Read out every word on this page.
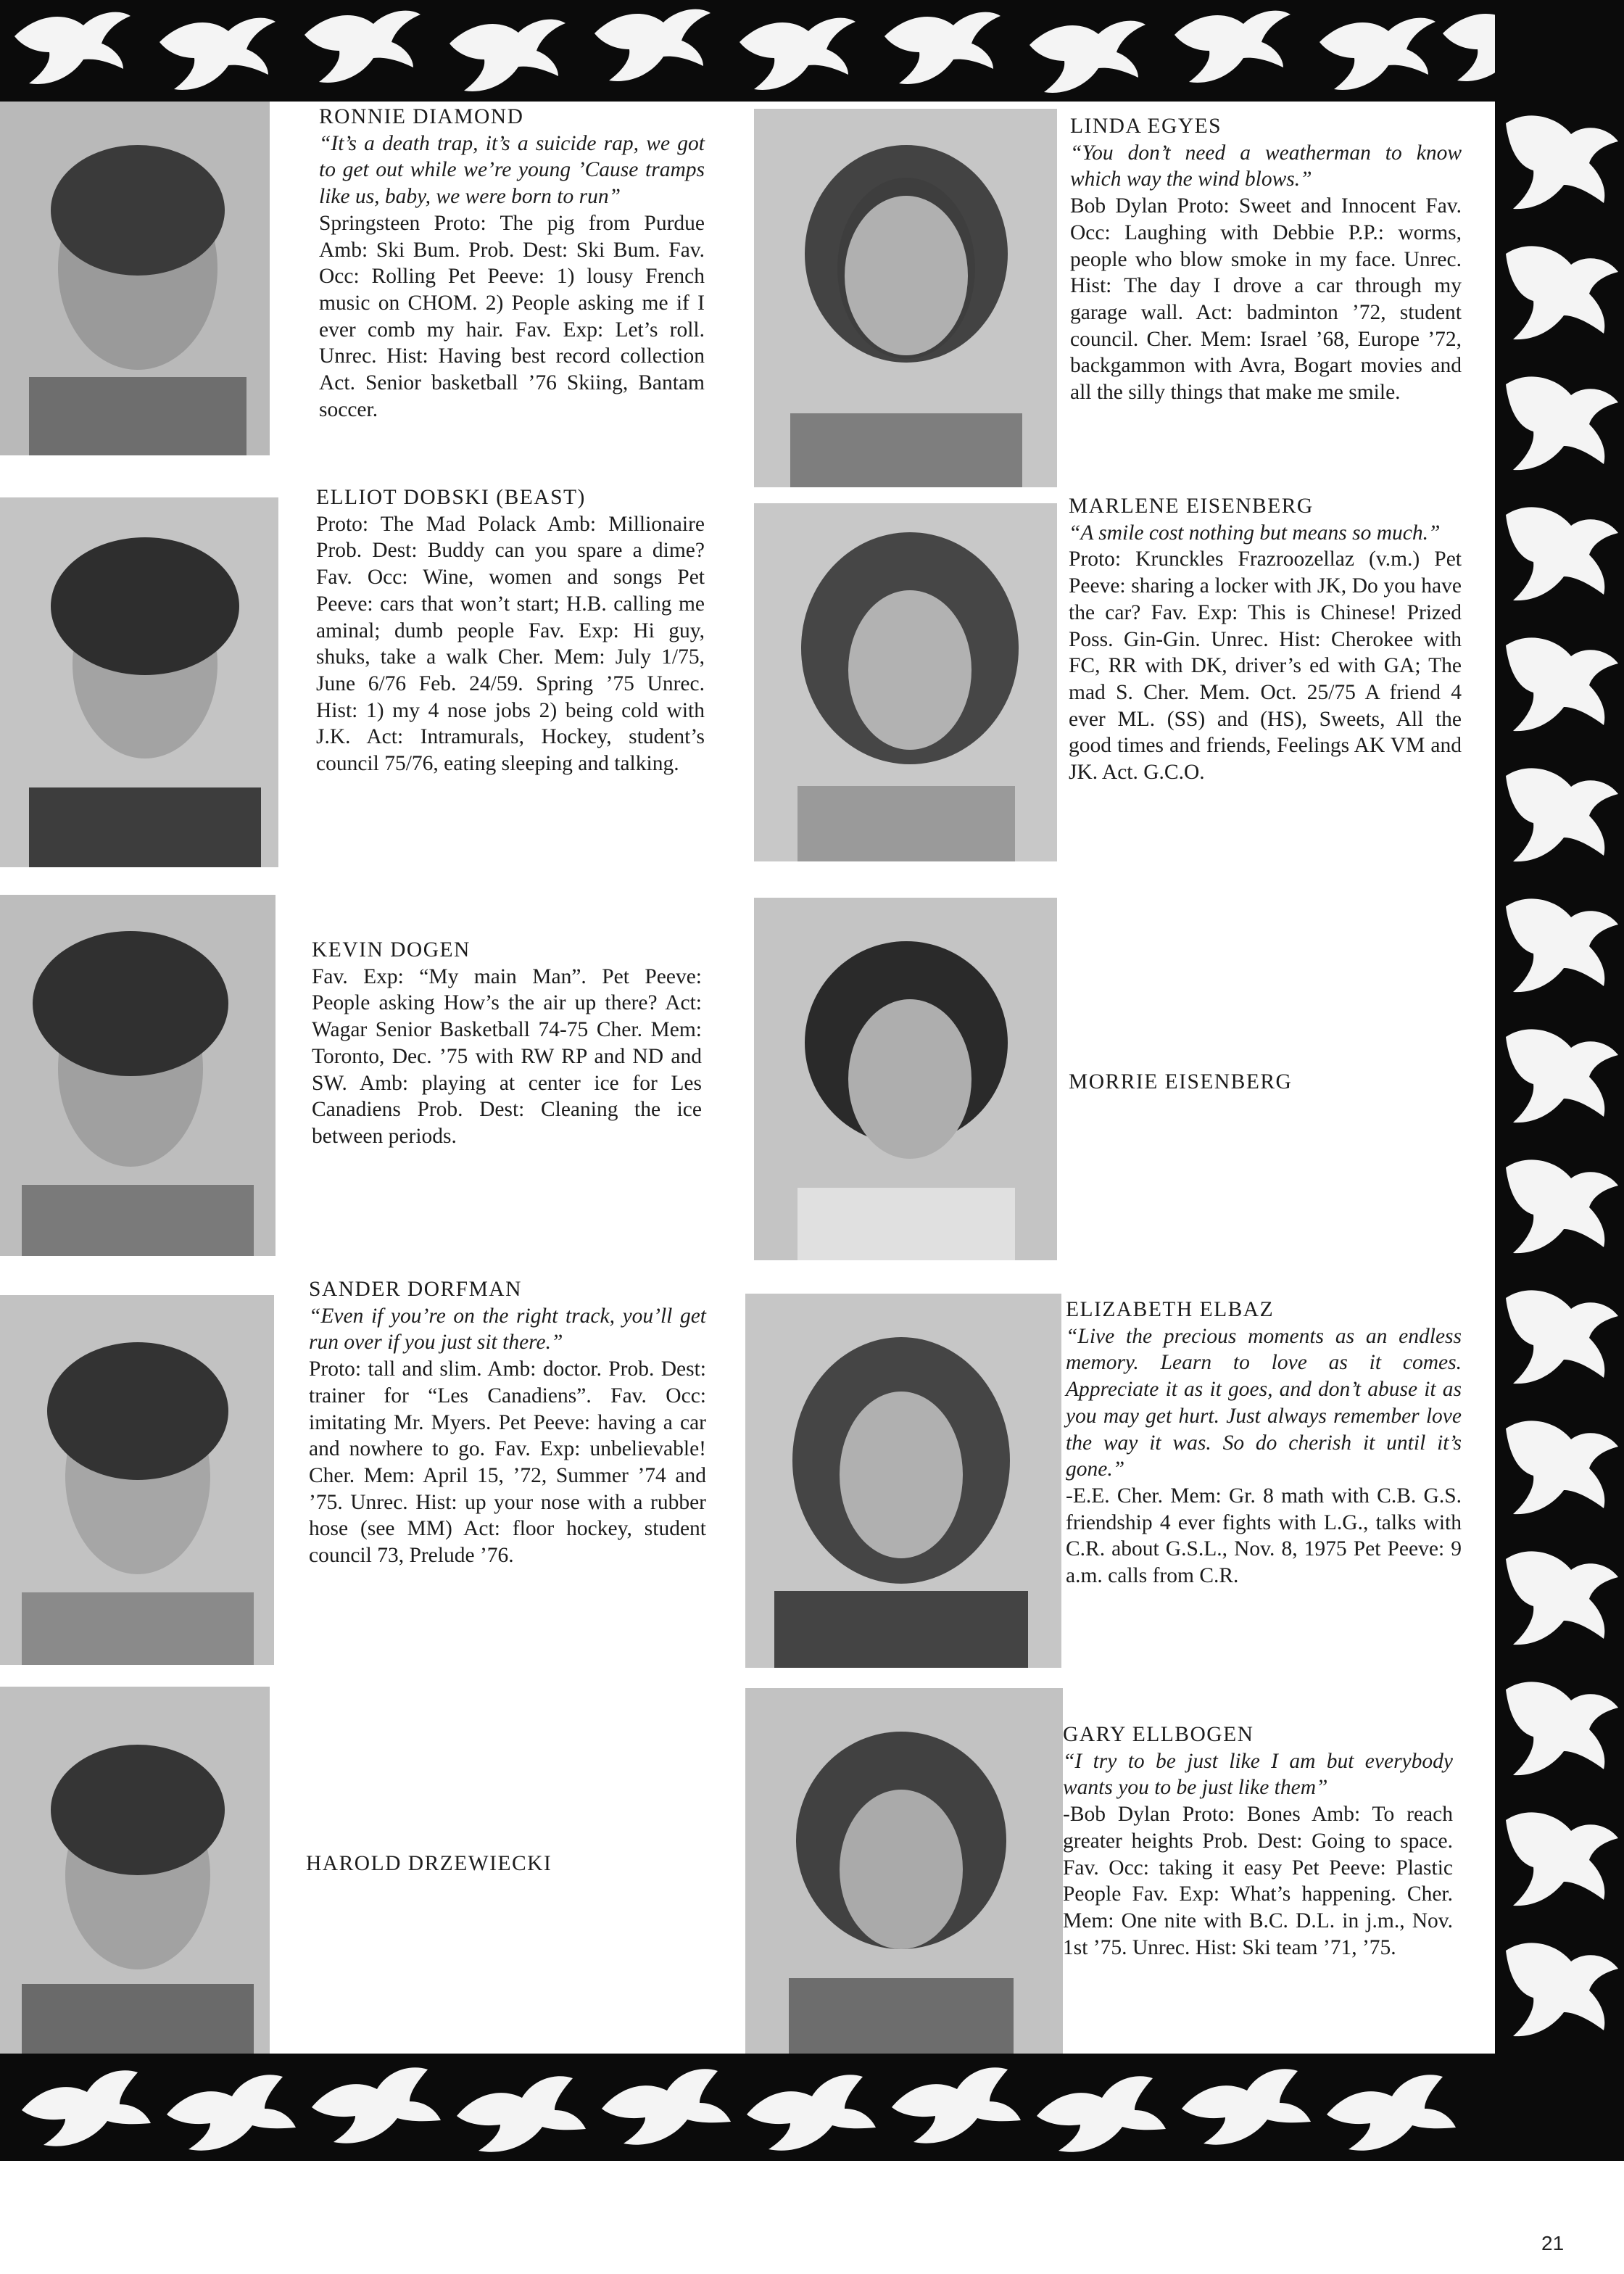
RONNIE DIAMOND
“It’s a death trap, it’s a suicide rap, we got to get out while we’re young ’Cause tramps like us, baby, we were born to run”
Springsteen Proto: The pig from Purdue Amb: Ski Bum. Prob. Dest: Ski Bum. Fav. Occ: Rolling Pet Peeve: 1) lousy French music on CHOM. 2) People asking me if I ever comb my hair. Fav. Exp: Let’s roll. Unrec. Hist: Having best record collection Act. Senior basketball ’76 Skiing, Bantam soccer.
ELLIOT DOBSKI (BEAST)
Proto: The Mad Polack Amb: Millionaire Prob. Dest: Buddy can you spare a dime? Fav. Occ: Wine, women and songs Pet Peeve: cars that won’t start; H.B. calling me aminal; dumb people Fav. Exp: Hi guy, shuks, take a walk Cher. Mem: July 1/75, June 6/76 Feb. 24/59. Spring ’75 Unrec. Hist: 1) my 4 nose jobs 2) being cold with J.K. Act: Intramurals, Hockey, student’s council 75/76, eating sleeping and talking.
KEVIN DOGEN
Fav. Exp: “My main Man”. Pet Peeve: People asking How’s the air up there? Act: Wagar Senior Basketball 74-75 Cher. Mem: Toronto, Dec. ’75 with RW RP and ND and SW. Amb: playing at center ice for Les Canadiens Prob. Dest: Cleaning the ice between periods.
SANDER DORFMAN
“Even if you’re on the right track, you’ll get run over if you just sit there.”
Proto: tall and slim. Amb: doctor. Prob. Dest: trainer for “Les Canadiens”. Fav. Occ: imitating Mr. Myers. Pet Peeve: having a car and nowhere to go. Fav. Exp: unbelievable! Cher. Mem: April 15, ’72, Summer ’74 and ’75. Unrec. Hist: up your nose with a rubber hose (see MM) Act: floor hockey, student council 73, Prelude ’76.
HAROLD DRZEWIECKI
LINDA EGYES
“You don’t need a weatherman to know which way the wind blows.”
Bob Dylan Proto: Sweet and Innocent Fav. Occ: Laughing with Debbie P.P.: worms, people who blow smoke in my face. Unrec. Hist: The day I drove a car through my garage wall. Act: badminton ’72, student council. Cher. Mem: Israel ’68, Europe ’72, backgammon with Avra, Bogart movies and all the silly things that make me smile.
MARLENE EISENBERG
“A smile cost nothing but means so much.”
Proto: Krunckles Frazroozellaz (v.m.) Pet Peeve: sharing a locker with JK, Do you have the car? Fav. Exp: This is Chinese! Prized Poss. Gin-Gin. Unrec. Hist: Cherokee with FC, RR with DK, driver’s ed with GA; The mad S. Cher. Mem. Oct. 25/75 A friend 4 ever ML. (SS) and (HS), Sweets, All the good times and friends, Feelings AK VM and JK. Act. G.C.O.
MORRIE EISENBERG
ELIZABETH ELBAZ
“Live the precious moments as an endless memory. Learn to love as it comes. Appreciate it as it goes, and don’t abuse it as you may get hurt. Just always remember love the way it was. So do cherish it until it’s gone.”
-E.E. Cher. Mem: Gr. 8 math with C.B. G.S. friendship 4 ever fights with L.G., talks with C.R. about G.S.L., Nov. 8, 1975 Pet Peeve: 9 a.m. calls from C.R.
GARY ELLBOGEN
“I try to be just like I am but everybody wants you to be just like them”
-Bob Dylan Proto: Bones Amb: To reach greater heights Prob. Dest: Going to space. Fav. Occ: taking it easy Pet Peeve: Plastic People Fav. Exp: What’s happening. Cher. Mem: One nite with B.C. D.L. in j.m., Nov. 1st ’75. Unrec. Hist: Ski team ’71, ’75.
21
